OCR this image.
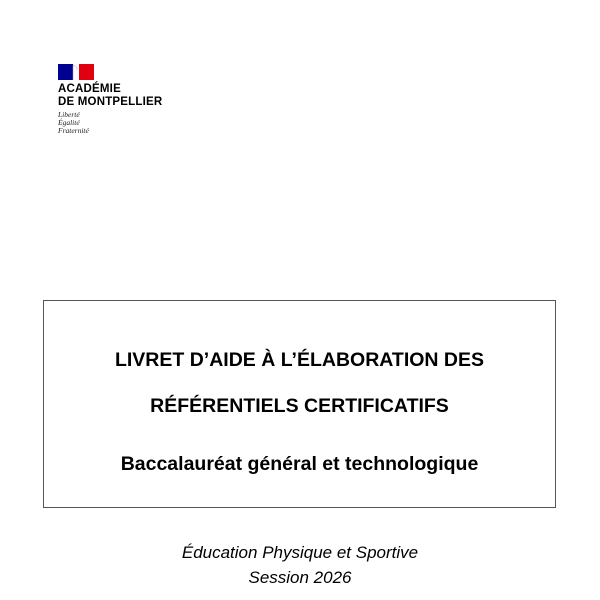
ACADÉMIE
DE MONTPELLIER
Liberté
Égalité
Fraternité
LIVRET D’AIDE À L’ÉLABORATION DES
RÉFÉRENTIELS CERTIFICATIFS
Baccalauréat général et technologique
Éducation Physique et Sportive
Session 2026
